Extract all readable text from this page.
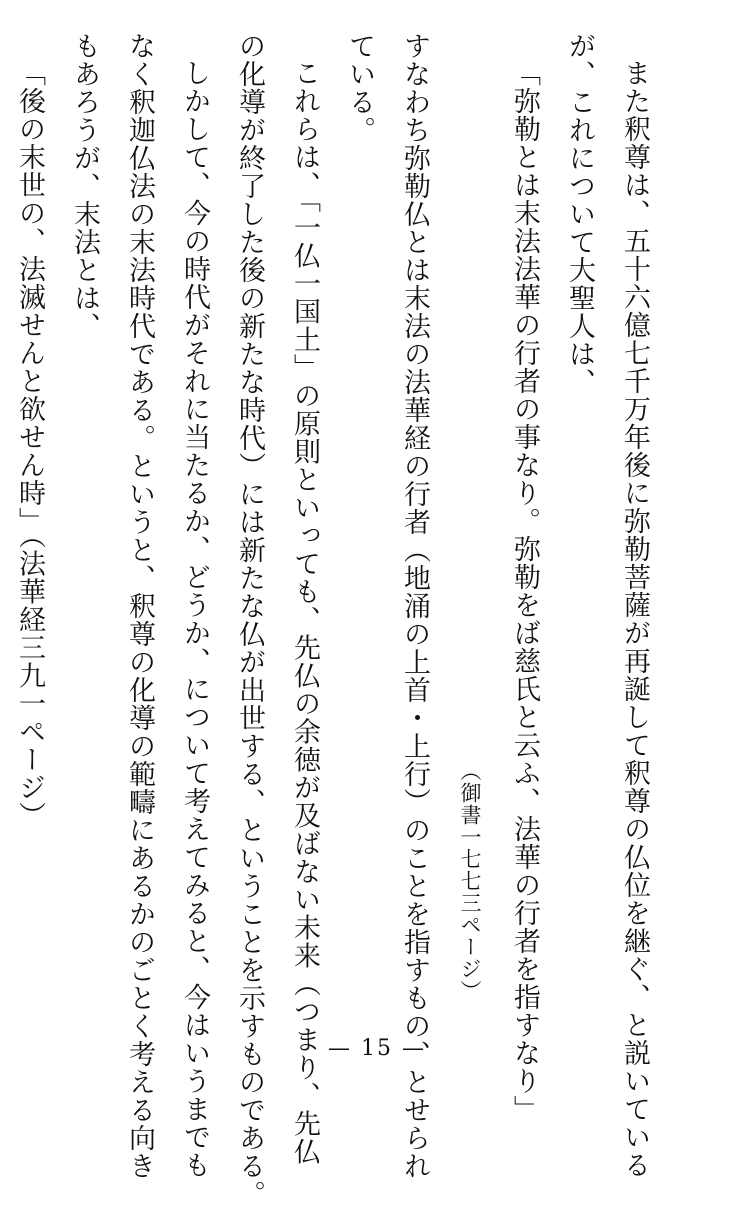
また釈尊は、五十六億七千万年後に弥勒菩薩が再誕して釈尊の仏位を継ぐ、と説いている
が、これについて大聖人は、
「弥勒とは末法法華の行者の事なり。弥勒をば慈氏と云ふ、法華の行者を指すなり」
（御書一七七三ページ）
すなわち弥勒仏とは末法の法華経の行者（地涌の上首・上行）のことを指すもの、とせられ
ている。
これらは、「一仏一国土」の原則といっても、先仏の余徳が及ばない未来（つまり、先仏
の化導が終了した後の新たな時代）には新たな仏が出世する、ということを示すものである。
しかして、今の時代がそれに当たるか、どうか、について考えてみると、今はいうまでも
なく釈迦仏法の末法時代である。というと、釈尊の化導の範疇にあるかのごとく考える向き
もあろうが、末法とは、
「後の末世の、法滅せんと欲せん時」（法華経三九一ページ）
— 15 —
